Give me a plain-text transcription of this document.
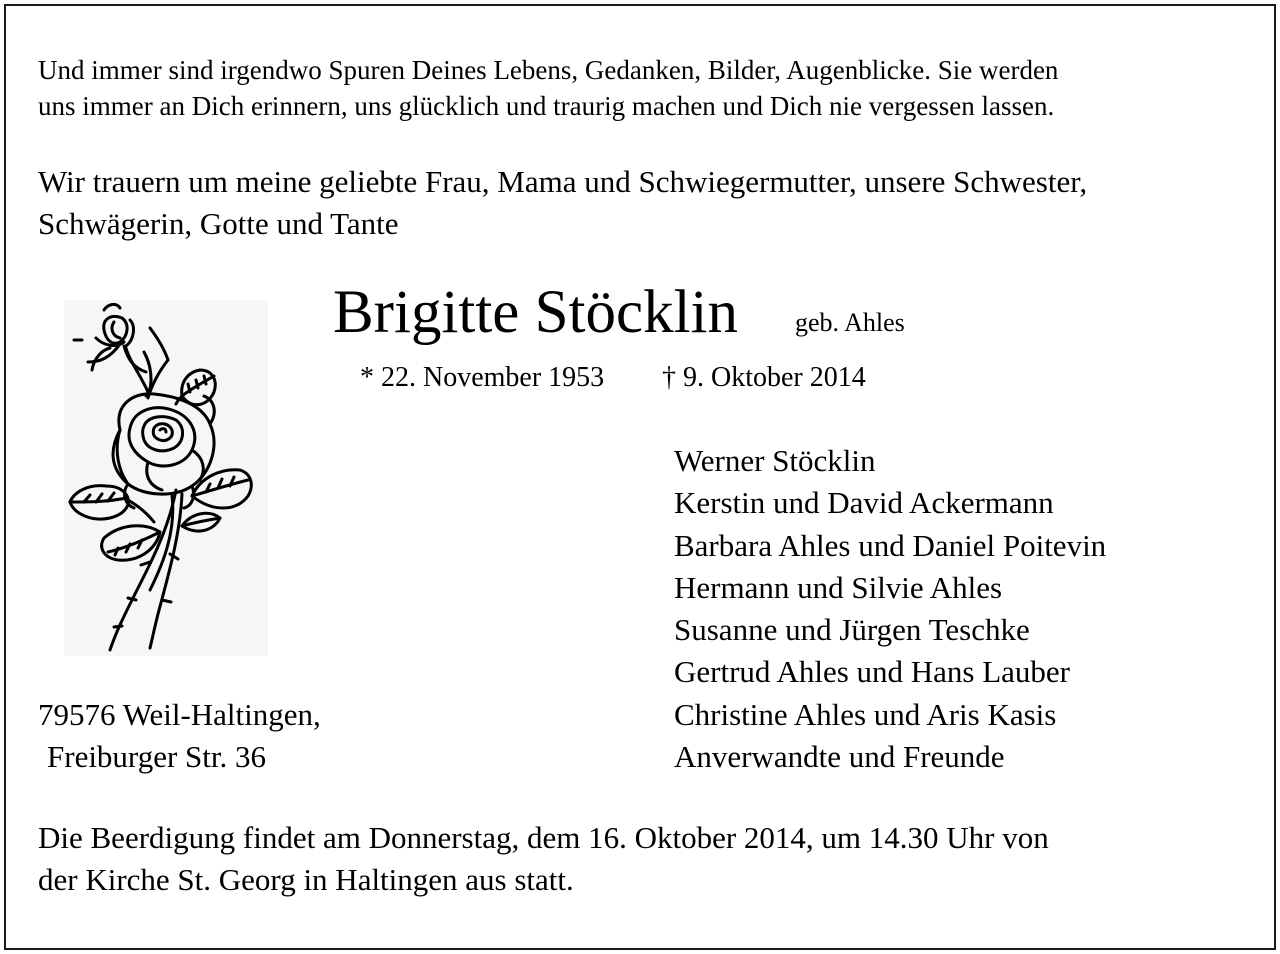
Und immer sind irgendwo Spuren Deines Lebens, Gedanken, Bilder, Augenblicke. Sie werden
uns immer an Dich erinnern, uns glücklich und traurig machen und Dich nie vergessen lassen.
Wir trauern um meine geliebte Frau, Mama und Schwiegermutter, unsere Schwester,
Schwägerin, Gotte und Tante
Brigitte Stöcklin geb. Ahles
* 22. November 1953 † 9. Oktober 2014
Werner Stöcklin
Kerstin und David Ackermann
Barbara Ahles und Daniel Poitevin
Hermann und Silvie Ahles
Susanne und Jürgen Teschke
Gertrud Ahles und Hans Lauber
Christine Ahles und Aris Kasis
Anverwandte und Freunde
79576 Weil-Haltingen,
Freiburger Str. 36
Die Beerdigung findet am Donnerstag, dem 16. Oktober 2014, um 14.30 Uhr von
der Kirche St. Georg in Haltingen aus statt.
